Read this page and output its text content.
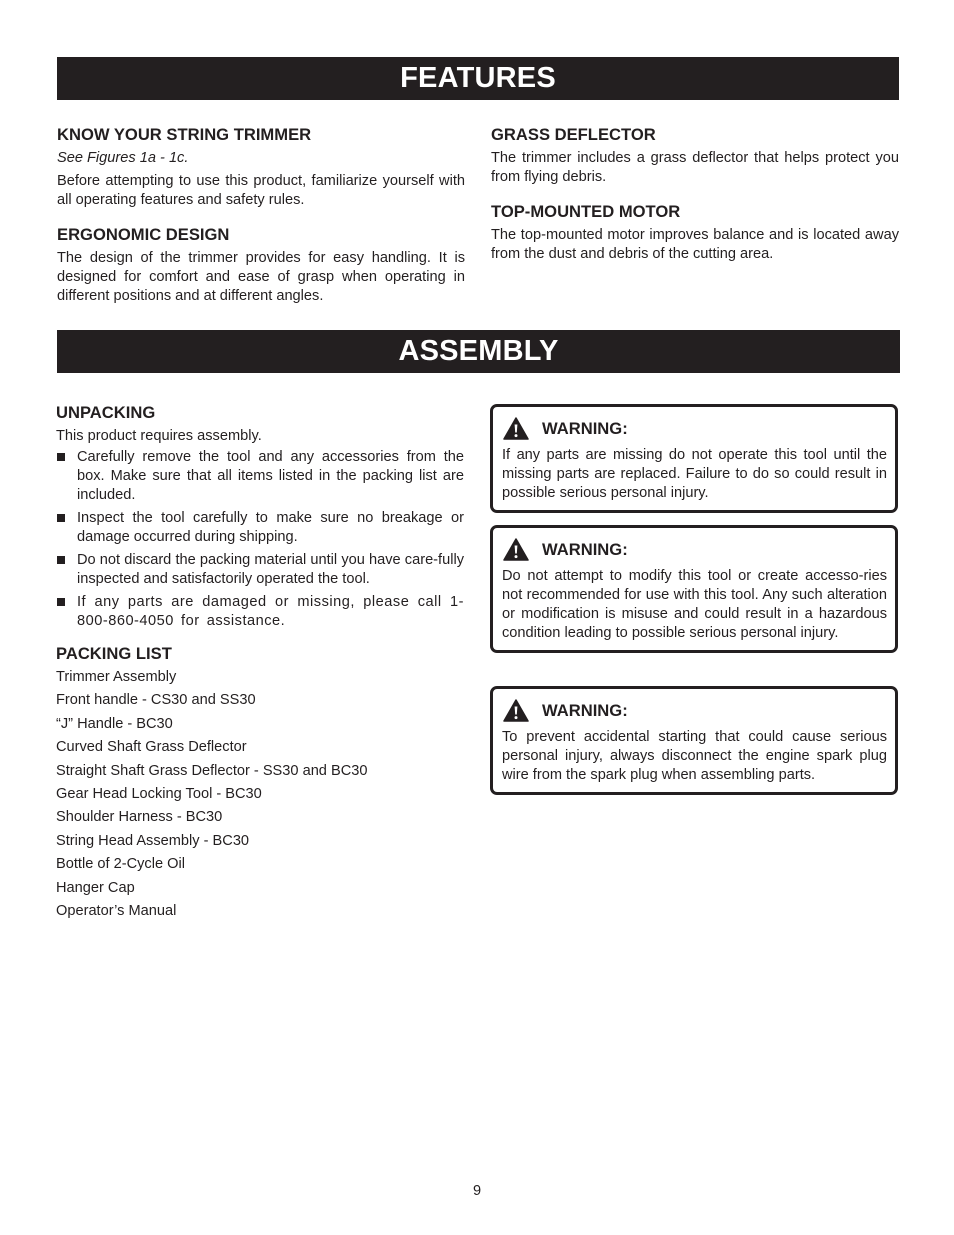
FEATURES
KNOW YOUR STRING TRIMMER

See Figures 1a - 1c.

Before attempting to use this product, familiarize yourself with all operating features and safety rules.

ERGONOMIC DESIGN

The design of the trimmer provides for easy handling. It is designed for comfort and ease of grasp when operating in different positions and at different angles.

GRASS DEFLECTOR

The trimmer includes a grass deflector that helps protect you from flying debris.

TOP-MOUNTED MOTOR

The top-mounted motor improves balance and is located away from the dust and debris of the cutting area.

ASSEMBLY
UNPACKING

This product requires assembly.

Carefully remove the tool and any accessories from the box. Make sure that all items listed in the packing list are included.
Inspect the tool carefully to make sure no breakage or damage occurred during shipping.
Do not discard the packing material until you have care-fully inspected and satisfactorily operated the tool.
If any parts are damaged or missing, please call 1-800-860-4050 for assistance.
PACKING LIST
Trimmer Assembly
Front handle - CS30 and SS30
“J” Handle - BC30
Curved Shaft Grass Deflector
Straight Shaft Grass Deflector - SS30 and BC30
Gear Head Locking Tool - BC30
Shoulder Harness - BC30
String Head Assembly - BC30
Bottle of 2-Cycle Oil
Hanger Cap
Operator’s Manual
WARNING:

If any parts are missing do not operate this tool until the missing parts are replaced. Failure to do so could result in possible serious personal injury.

WARNING:

Do not attempt to modify this tool or create accesso-ries not recommended for use with this tool. Any such alteration or modification is misuse and could result in a hazardous condition leading to possible serious personal injury.

WARNING:

To prevent accidental starting that could cause serious personal injury, always disconnect the engine spark plug wire from the spark plug when assembling parts.

9
